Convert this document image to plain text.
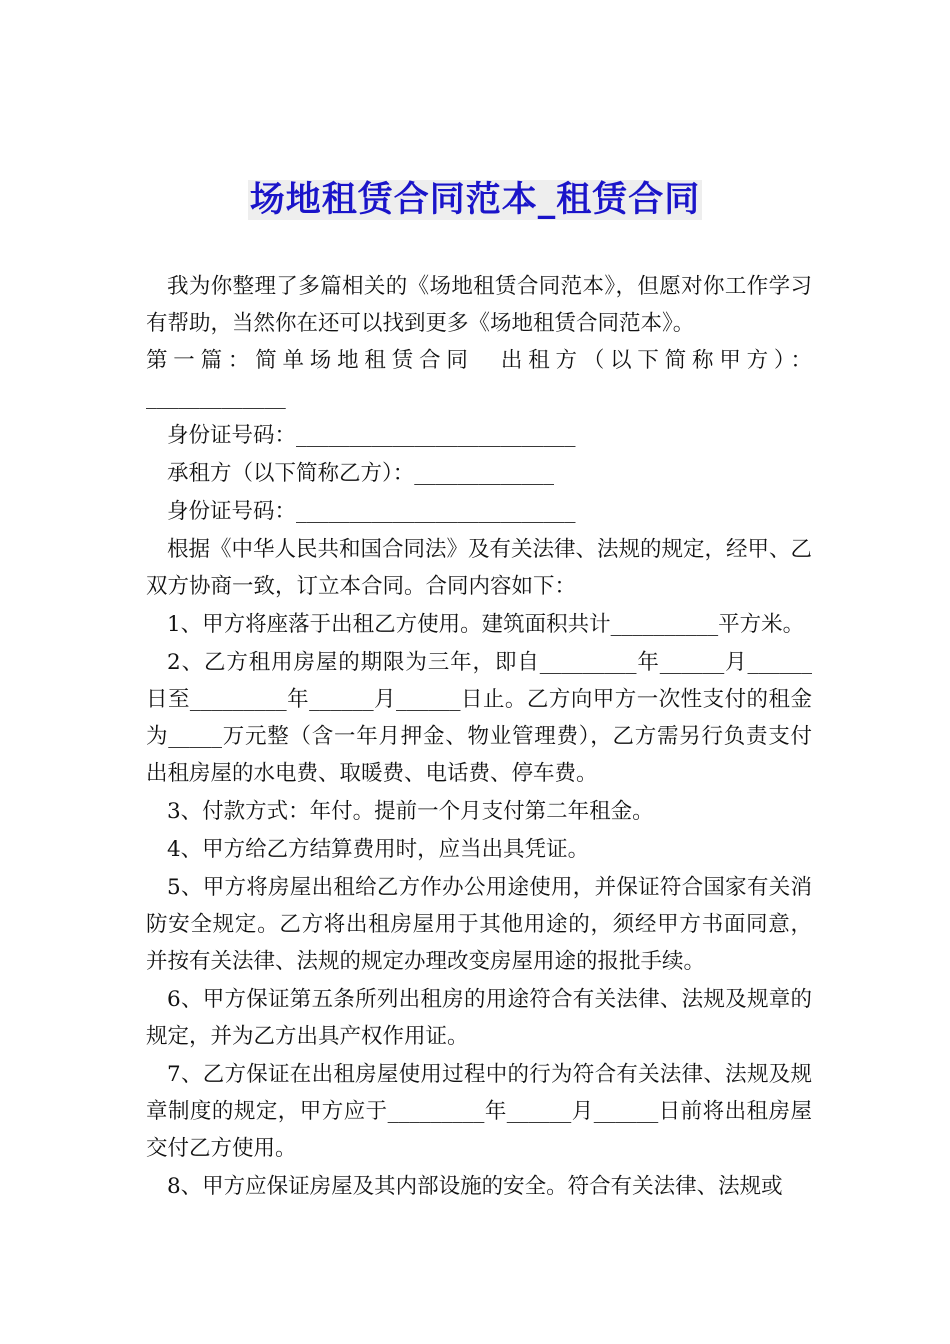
场地租赁合同范本_租赁合同

我为你整理了多篇相关的《场地租赁合同范本》，但愿对你工作学习有帮助，当然你在还可以找到更多《场地租赁合同范本》。

第一篇：简单场地租赁合同　出租方（以下简称甲方）：_____________

身份证号码：__________________________

承租方（以下简称乙方）：_____________

身份证号码：__________________________

根据《中华人民共和国合同法》及有关法律、法规的规定，经甲、乙双方协商一致，订立本合同。合同内容如下：

1、甲方将座落于出租乙方使用。建筑面积共计__________平方米。

2、乙方租用房屋的期限为三年，即自_________年______月______日至_________年______月______日止。乙方向甲方一次性支付的租金为_____万元整（含一年月押金、物业管理费），乙方需另行负责支付出租房屋的水电费、取暖费、电话费、停车费。

3、付款方式：年付。提前一个月支付第二年租金。

4、甲方给乙方结算费用时，应当出具凭证。

5、甲方将房屋出租给乙方作办公用途使用，并保证符合国家有关消防安全规定。乙方将出租房屋用于其他用途的，须经甲方书面同意，并按有关法律、法规的规定办理改变房屋用途的报批手续。

6、甲方保证第五条所列出租房的用途符合有关法律、法规及规章的规定，并为乙方出具产权作用证。

7、乙方保证在出租房屋使用过程中的行为符合有关法律、法规及规章制度的规定，甲方应于_________年______月______日前将出租房屋交付乙方使用。

8、甲方应保证房屋及其内部设施的安全。符合有关法律、法规或
